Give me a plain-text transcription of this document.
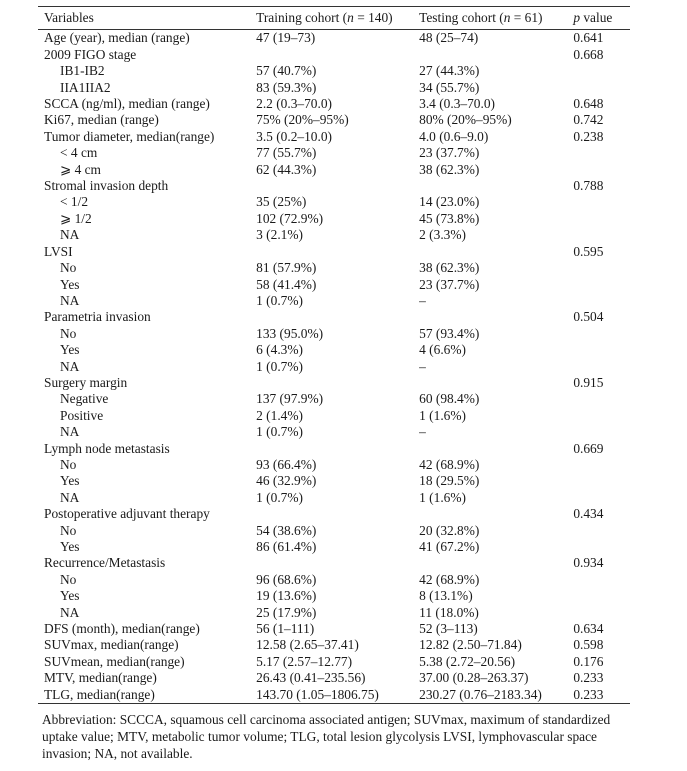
Variables	Training cohort (n = 140)	Testing cohort (n = 61)	p value
Age (year), median (range)	47 (19–73)	48 (25–74)	0.641
2009 FIGO stage			0.668
IB1-IB2	57 (40.7%)	27 (44.3%)	
IIA1IIA2	83 (59.3%)	34 (55.7%)	
SCCA (ng/ml), median (range)	2.2 (0.3–70.0)	3.4 (0.3–70.0)	0.648
Ki67, median (range)	75% (20%–95%)	80% (20%–95%)	0.742
Tumor diameter, median(range)	3.5 (0.2–10.0)	4.0 (0.6–9.0)	0.238
< 4 cm	77 (55.7%)	23 (37.7%)	
⩾ 4 cm	62 (44.3%)	38 (62.3%)	
Stromal invasion depth			0.788
< 1/2	35 (25%)	14 (23.0%)	
⩾ 1/2	102 (72.9%)	45 (73.8%)	
NA	3 (2.1%)	2 (3.3%)	
LVSI			0.595
No	81 (57.9%)	38 (62.3%)	
Yes	58 (41.4%)	23 (37.7%)	
NA	1 (0.7%)	–	
Parametria invasion			0.504
No	133 (95.0%)	57 (93.4%)	
Yes	6 (4.3%)	4 (6.6%)	
NA	1 (0.7%)	–	
Surgery margin			0.915
Negative	137 (97.9%)	60 (98.4%)	
Positive	2 (1.4%)	1 (1.6%)	
NA	1 (0.7%)	–	
Lymph node metastasis			0.669
No	93 (66.4%)	42 (68.9%)	
Yes	46 (32.9%)	18 (29.5%)	
NA	1 (0.7%)	1 (1.6%)	
Postoperative adjuvant therapy			0.434
No	54 (38.6%)	20 (32.8%)	
Yes	86 (61.4%)	41 (67.2%)	
Recurrence/Metastasis			0.934
No	96 (68.6%)	42 (68.9%)	
Yes	19 (13.6%)	8 (13.1%)	
NA	25 (17.9%)	11 (18.0%)	
DFS (month), median(range)	56 (1–111)	52 (3–113)	0.634
SUVmax, median(range)	12.58 (2.65–37.41)	12.82 (2.50–71.84)	0.598
SUVmean, median(range)	5.17 (2.57–12.77)	5.38 (2.72–20.56)	0.176
MTV, median(range)	26.43 (0.41–235.56)	37.00 (0.28–263.37)	0.233
TLG, median(range)	143.70 (1.05–1806.75)	230.27 (0.76–2183.34)	0.233
Abbreviation: SCCCA, squamous cell carcinoma associated antigen; SUVmax, maximum of standardized uptake value; MTV, metabolic tumor volume; TLG, total lesion glycolysis LVSI, lymphovascular space invasion; NA, not available.
